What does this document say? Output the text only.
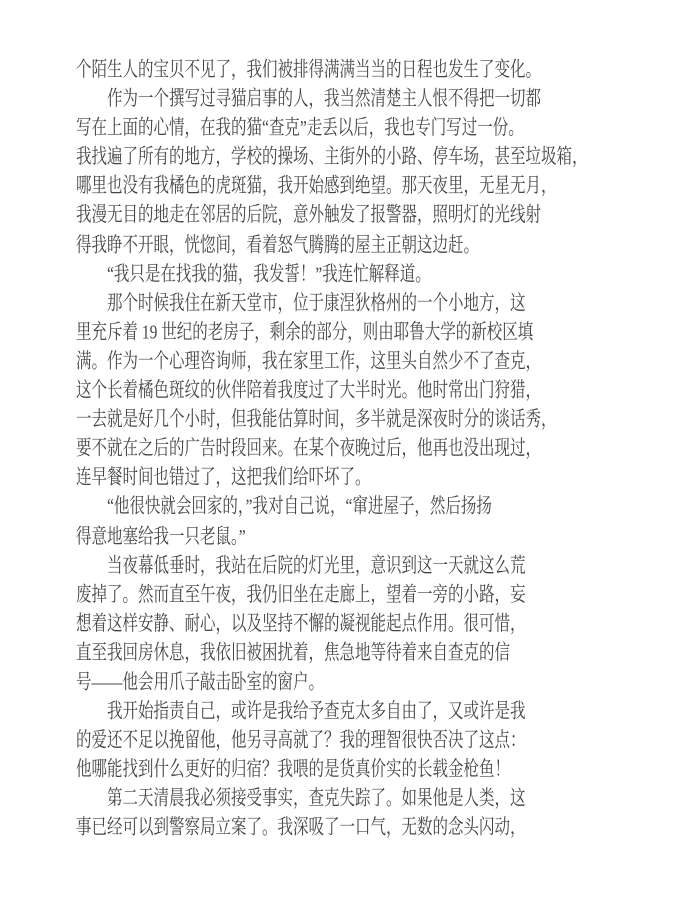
个陌生人的宝贝不见了，我们被排得满满当当的日程也发生了变化。
作为一个撰写过寻猫启事的人，我当然清楚主人恨不得把一切都
写在上面的心情，在我的猫“查克”走丢以后，我也专门写过一份。
我找遍了所有的地方，学校的操场、主街外的小路、停车场，甚至垃圾箱，
哪里也没有我橘色的虎斑猫，我开始感到绝望。那天夜里，无星无月，
我漫无目的地走在邻居的后院，意外触发了报警器，照明灯的光线射
得我睁不开眼，恍惚间，看着怒气腾腾的屋主正朝这边赶。
“我只是在找我的猫，我发誓！”我连忙解释道。
那个时候我住在新天堂市，位于康涅狄格州的一个小地方，这
里充斥着 19 世纪的老房子，剩余的部分，则由耶鲁大学的新校区填
满。作为一个心理咨询师，我在家里工作，这里头自然少不了查克，
这个长着橘色斑纹的伙伴陪着我度过了大半时光。他时常出门狩猎，
一去就是好几个小时，但我能估算时间，多半就是深夜时分的谈话秀，
要不就在之后的广告时段回来。在某个夜晚过后，他再也没出现过，
连早餐时间也错过了，这把我们给吓坏了。
“他很快就会回家的，”我对自己说，“窜进屋子，然后扬扬
得意地塞给我一只老鼠。”
当夜幕低垂时，我站在后院的灯光里，意识到这一天就这么荒
废掉了。然而直至午夜，我仍旧坐在走廊上，望着一旁的小路，妄
想着这样安静、耐心，以及坚持不懈的凝视能起点作用。很可惜，
直至我回房休息，我依旧被困扰着，焦急地等待着来自查克的信
号——他会用爪子敲击卧室的窗户。
我开始指责自己，或许是我给予查克太多自由了，又或许是我
的爱还不足以挽留他，他另寻高就了？我的理智很快否决了这点：
他哪能找到什么更好的归宿？我喂的是货真价实的长载金枪鱼！
第二天清晨我必须接受事实，查克失踪了。如果他是人类，这
事已经可以到警察局立案了。我深吸了一口气，无数的念头闪动，
